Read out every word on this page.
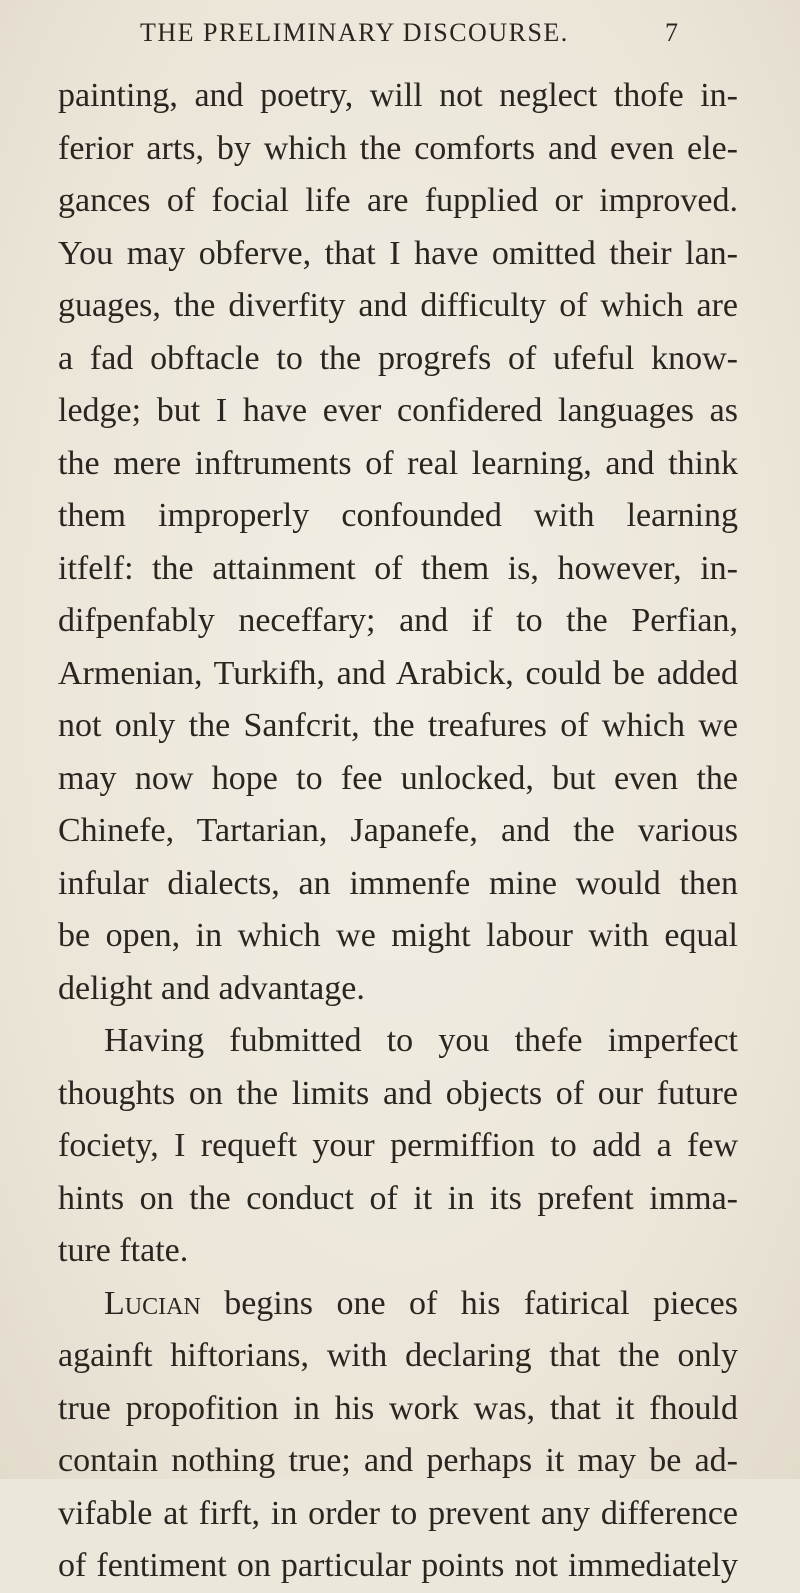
THE PRELIMINARY DISCOURSE.	7
painting, and poetry, will not neglect thofe in-
ferior arts, by which the comforts and even ele-
gances of focial life are fupplied or improved.
You may obferve, that I have omitted their lan-
guages, the diverfity and difficulty of which are
a fad obftacle to the progrefs of ufeful know-
ledge; but I have ever confidered languages as
the mere inftruments of real learning, and think
them improperly confounded with learning
itfelf: the attainment of them is, however, in-
difpenfably neceffary; and if to the Perfian,
Armenian, Turkifh, and Arabick, could be added
not only the Sanfcrit, the treafures of which we
may now hope to fee unlocked, but even the
Chinefe, Tartarian, Japanefe, and the various
infular dialects, an immenfe mine would then
be open, in which we might labour with equal
delight and advantage.
Having fubmitted to you thefe imperfect
thoughts on the limits and objects of our future
fociety, I requeft your permiffion to add a few
hints on the conduct of it in its prefent imma-
ture ftate.
Lucian begins one of his fatirical pieces
againft hiftorians, with declaring that the only
true propofition in his work was, that it fhould
contain nothing true; and perhaps it may be ad-
vifable at firft, in order to prevent any difference
of fentiment on particular points not immediately
